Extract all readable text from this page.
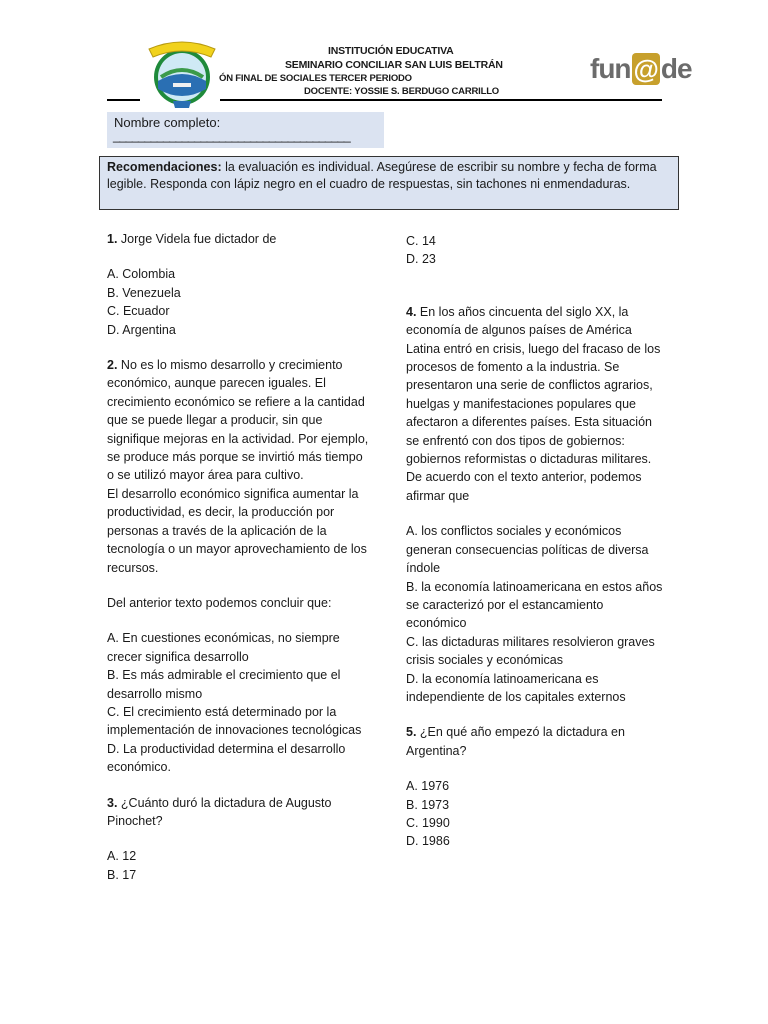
INSTITUCIÓN EDUCATIVA
SEMINARIO CONCILIAR SAN LUIS BELTRÁN
ÓN FINAL DE SOCIALES TERCER PERIODO
DOCENTE: YOSSIE S. BERDUGO CARRILLO
fun @ de
Nombre completo:
______________________________________
Recomendaciones: la evaluación es individual. Asegúrese de escribir su nombre y fecha de forma legible. Responda con lápiz negro en el cuadro de respuestas, sin tachones ni enmendaduras.

1. Jorge Videla fue dictador de

A. Colombia

B. Venezuela

C. Ecuador

D. Argentina

2. No es lo mismo desarrollo y crecimiento económico, aunque parecen iguales. El crecimiento económico se refiere a la cantidad que se puede llegar a producir, sin que signifique mejoras en la actividad. Por ejemplo, se produce más porque se invirtió más tiempo o se utilizó mayor área para cultivo.

El desarrollo económico significa aumentar la productividad, es decir, la producción por personas a través de la aplicación de la tecnología o un mayor aprovechamiento de los recursos.

Del anterior texto podemos concluir que:

A. En cuestiones económicas, no siempre crecer significa desarrollo

B. Es más admirable el crecimiento que el desarrollo mismo

C. El crecimiento está determinado por la implementación de innovaciones tecnológicas

D. La productividad determina el desarrollo económico.

3. ¿Cuánto duró la dictadura de Augusto Pinochet?

A. 12

B. 17

C. 14

D. 23

4. En los años cincuenta del siglo XX, la economía de algunos países de América Latina entró en crisis, luego del fracaso de los procesos de fomento a la industria. Se presentaron una serie de conflictos agrarios, huelgas y manifestaciones populares que afectaron a diferentes países. Esta situación se enfrentó con dos tipos de gobiernos: gobiernos reformistas o dictaduras militares. De acuerdo con el texto anterior, podemos afirmar que

A. los conflictos sociales y económicos generan consecuencias políticas de diversa índole

B. la economía latinoamericana en estos años se caracterizó por el estancamiento económico

C. las dictaduras militares resolvieron graves crisis sociales y económicas

D. la economía latinoamericana es independiente de los capitales externos

5. ¿En qué año empezó la dictadura en Argentina?

A. 1976

B. 1973

C. 1990

D. 1986
